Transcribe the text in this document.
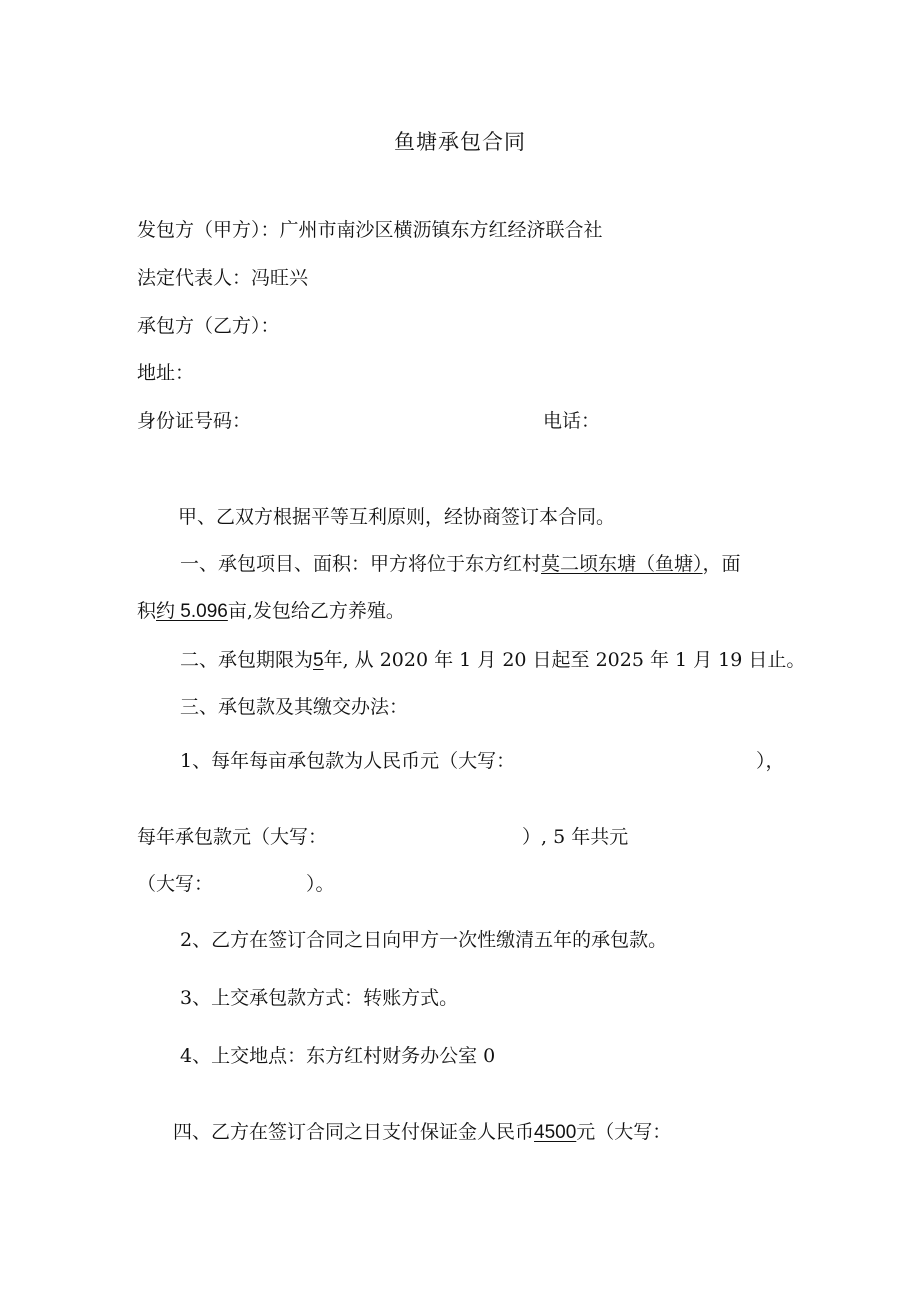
鱼塘承包合同
发包方（甲方）：广州市南沙区横沥镇东方红经济联合社
法定代表人：冯旺兴
承包方（乙方）：
地址：
身份证号码：	电话：
甲、乙双方根据平等互利原则，经协商签订本合同。
一、承包项目、面积：甲方将位于东方红村莫二顷东塘（鱼塘），面
积约 5.096亩,发包给乙方养殖。
二、承包期限为5年, 从 2020 年 1 月 20 日起至 2025 年 1 月 19 日止。
三、承包款及其缴交办法：
1、每年每亩承包款为人民币元（大写：	），
每年承包款元（大写：	）, 5 年共元
（大写：	）。
2、乙方在签订合同之日向甲方一次性缴清五年的承包款。
3、上交承包款方式：转账方式。
4、上交地点：东方红村财务办公室 0
四、乙方在签订合同之日支付保证金人民币4500元（大写：
